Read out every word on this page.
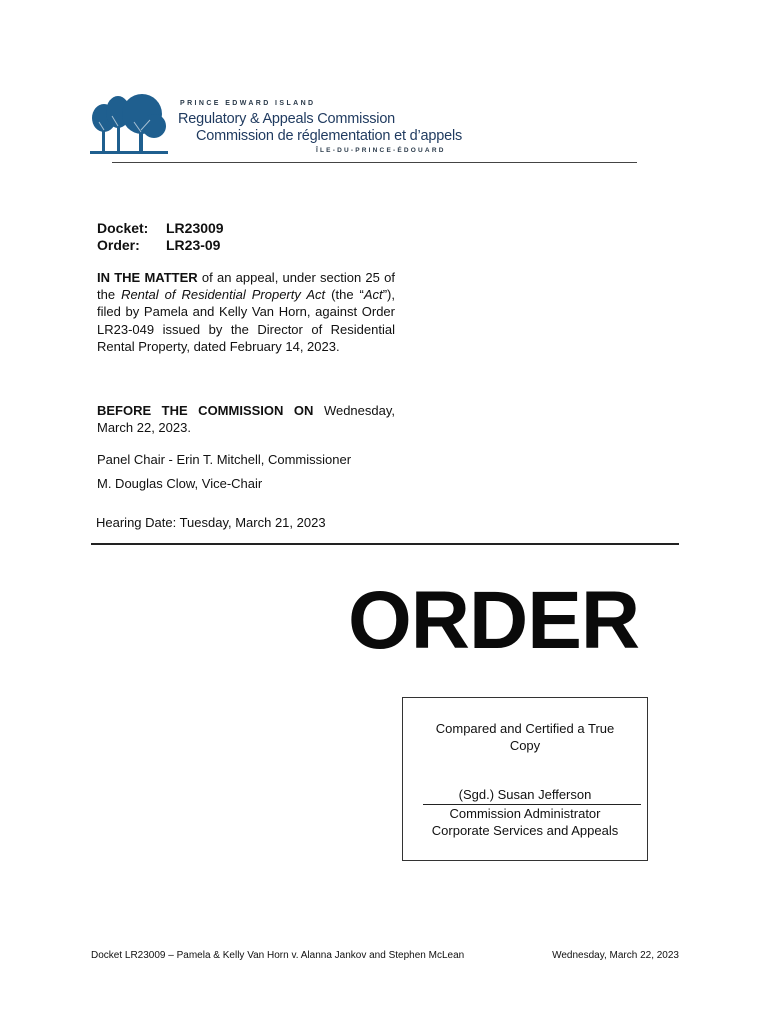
PRINCE EDWARD ISLAND
Regulatory & Appeals Commission
Commission de réglementation et d’appels
ÎLE-DU-PRINCE-ÉDOUARD
Docket: LR23009
Order: LR23-09
IN THE MATTER of an appeal, under section 25 of the Rental of Residential Property Act (the “Act”), filed by Pamela and Kelly Van Horn, against Order LR23-049 issued by the Director of Residential Rental Property, dated February 14, 2023.
BEFORE THE COMMISSION ON Wednesday, March 22, 2023.
Panel Chair - Erin T. Mitchell, Commissioner
M. Douglas Clow, Vice-Chair
Hearing Date: Tuesday, March 21, 2023
ORDER
Compared and Certified a True
Copy
(Sgd.) Susan Jefferson
Commission Administrator
Corporate Services and Appeals
Docket LR23009 – Pamela & Kelly Van Horn v. Alanna Jankov and Stephen McLean	Wednesday, March 22, 2023
